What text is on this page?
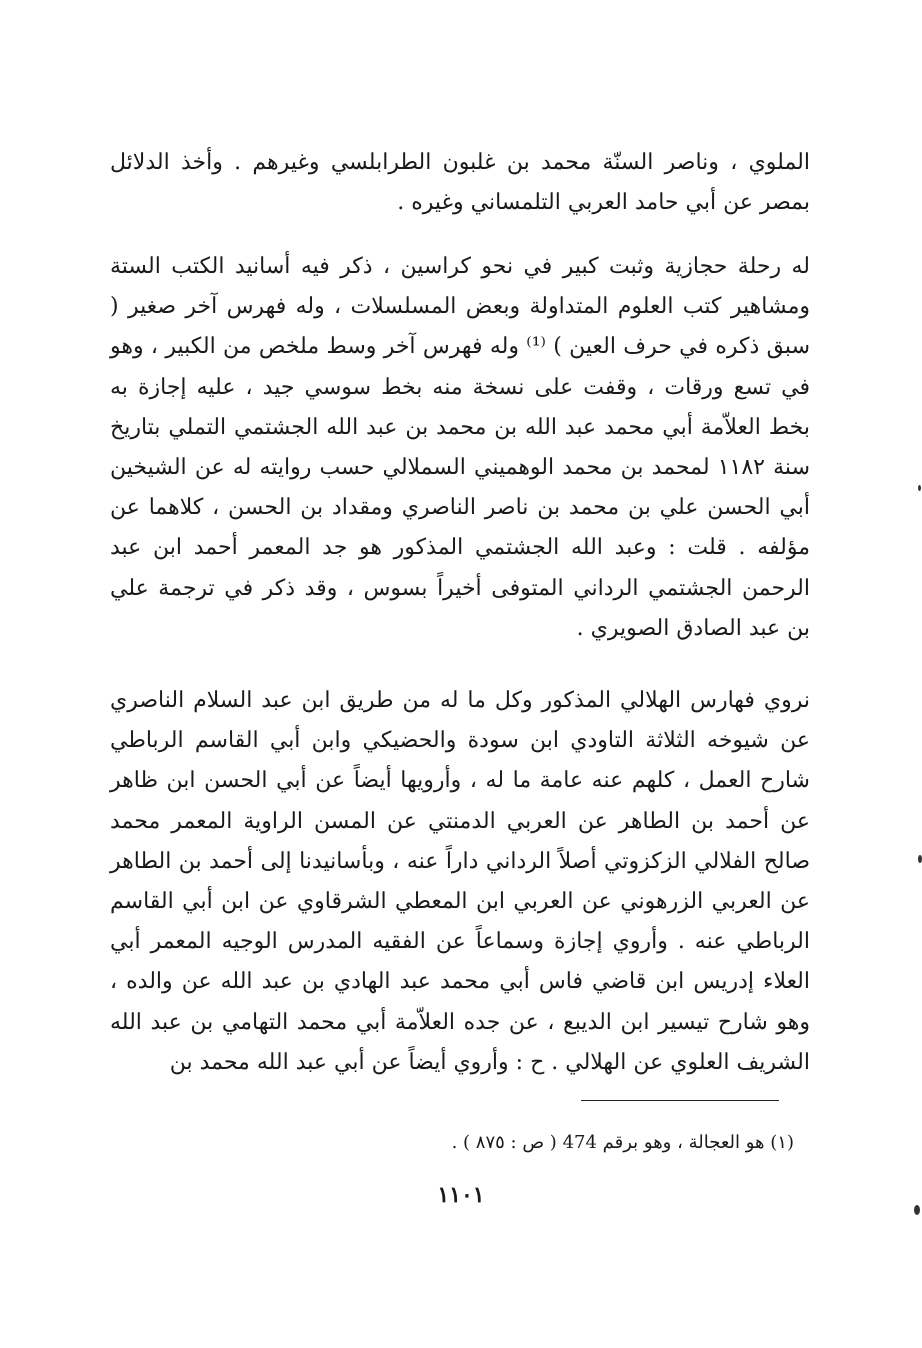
الملوي ، وناصر السنّة محمد بن غلبون الطرابلسي وغيرهم . وأخذ الدلائل بمصر عن أبي حامد العربي التلمساني وغيره .

له رحلة حجازية وثبت كبير في نحو كراسين ، ذكر فيه أسانيد الكتب الستة ومشاهير كتب العلوم المتداولة وبعض المسلسلات ، وله فهرس آخر صغير ( سبق ذكره في حرف العين ) ⁽¹⁾ وله فهرس آخر وسط ملخص من الكبير ، وهو في تسع ورقات ، وقفت على نسخة منه بخط سوسي جيد ، عليه إجازة به بخط العلاّمة أبي محمد عبد الله بن محمد بن عبد الله الجشتمي التملي بتاريخ سنة ١١٨٢ لمحمد بن محمد الوهميني السملالي حسب روايته له عن الشيخين أبي الحسن علي بن محمد بن ناصر الناصري ومقداد بن الحسن ، كلاهما عن مؤلفه . قلت : وعبد الله الجشتمي المذكور هو جد المعمر أحمد ابن عبد الرحمن الجشتمي الرداني المتوفى أخيراً بسوس ، وقد ذكر في ترجمة علي بن عبد الصادق الصويري .

نروي فهارس الهلالي المذكور وكل ما له من طريق ابن عبد السلام الناصري عن شيوخه الثلاثة التاودي ابن سودة والحضيكي وابن أبي القاسم الرباطي شارح العمل ، كلهم عنه عامة ما له ، وأرويها أيضاً عن أبي الحسن ابن ظاهر عن أحمد بن الطاهر عن العربي الدمنتي عن المسن الراوية المعمر محمد صالح الفلالي الزكزوتي أصلاً الرداني داراً عنه ، وبأسانيدنا إلى أحمد بن الطاهر عن العربي الزرهوني عن العربي ابن المعطي الشرقاوي عن ابن أبي القاسم الرباطي عنه . وأروي إجازة وسماعاً عن الفقيه المدرس الوجيه المعمر أبي العلاء إدريس ابن قاضي فاس أبي محمد عبد الهادي بن عبد الله عن والده ، وهو شارح تيسير ابن الديبع ، عن جده العلاّمة أبي محمد التهامي بن عبد الله الشريف العلوي عن الهلالي . ح : وأروي أيضاً عن أبي عبد الله محمد بن

(١) هو العجالة ، وهو برقم 474 ( ص : ٨٧٥ ) .

١١٠١
